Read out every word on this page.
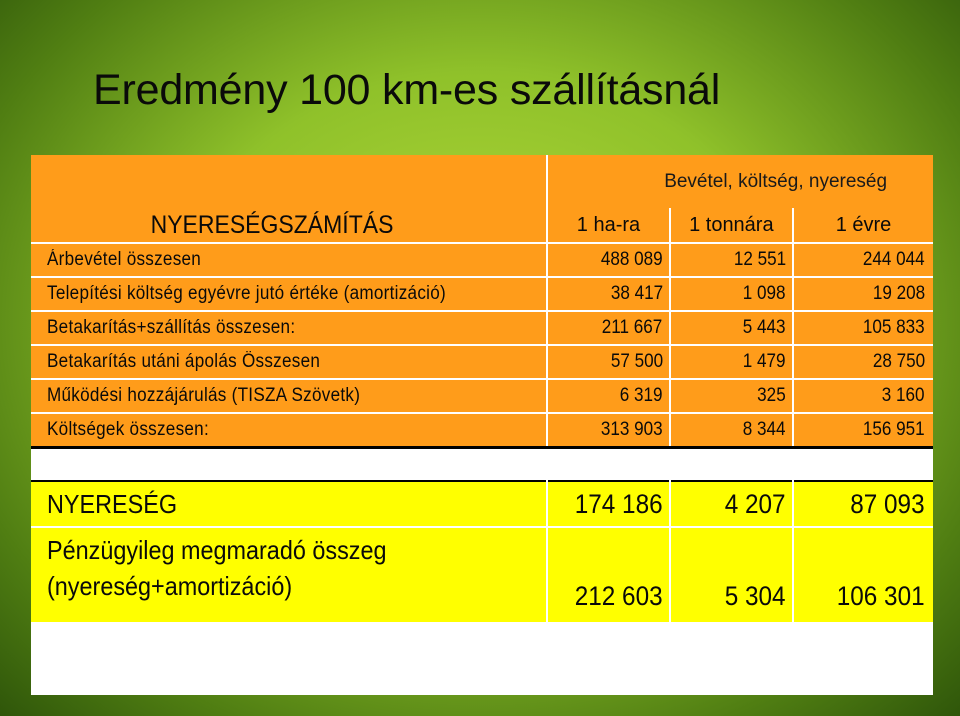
Eredmény 100 km-es szállításnál
	Bevétel, költség, nyereség		
NYERESÉGSZÁMÍTÁS	1 ha-ra	1 tonnára	1 évre
Árbevétel összesen	488 089	12 551	244 044
Telepítési költség egyévre jutó értéke (amortizáció)	38 417	1 098	19 208
Betakarítás+szállítás összesen:	211 667	5 443	105 833
Betakarítás utáni ápolás Összesen	57 500	1 479	28 750
Működési hozzájárulás (TISZA Szövetk)	6 319	325	3 160
Költségek összesen:	313 903	8 344	156 951

NYERESÉG	174 186	4 207	87 093
Pénzügyileg megmaradó összeg
(nyereség+amortizáció)	212 603	5 304	106 301
